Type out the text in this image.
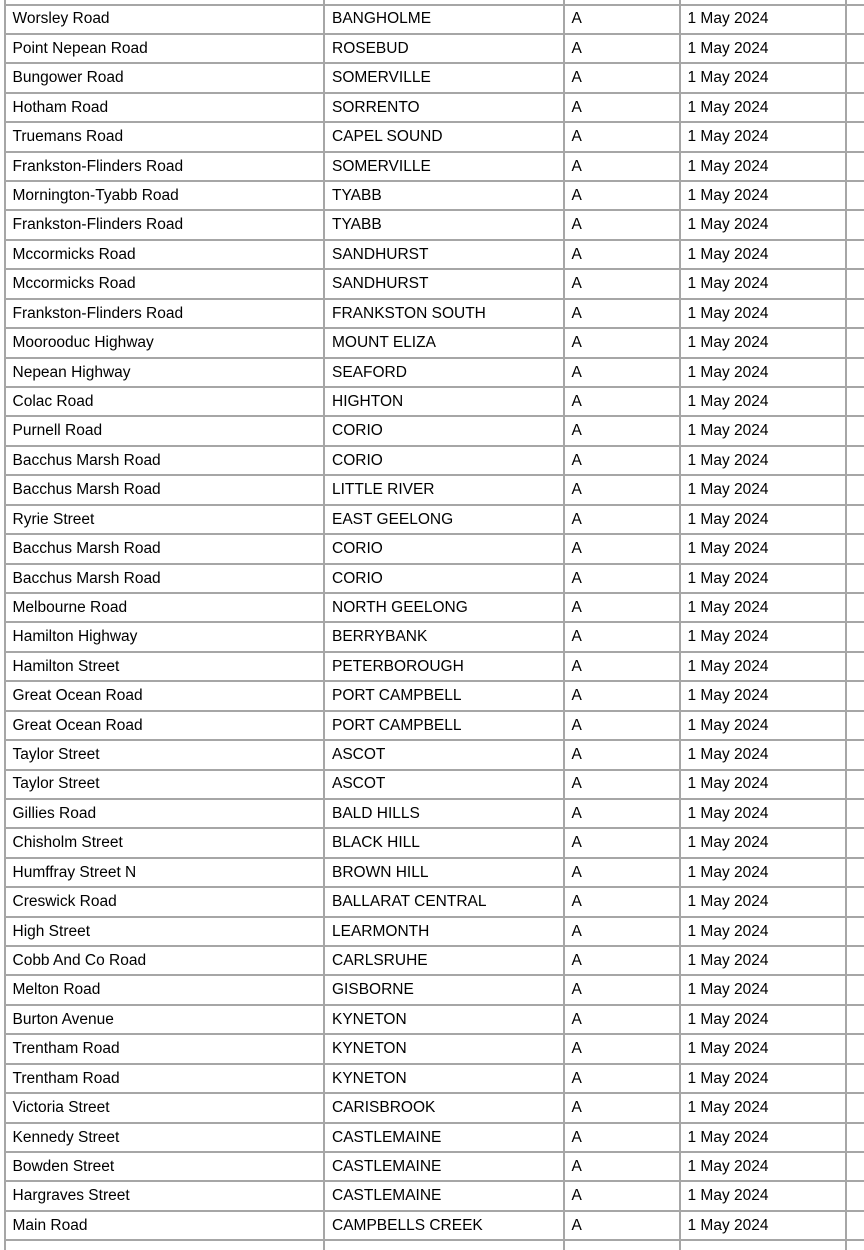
Worsley Road	BANGHOLME	A	1 May 2024
Point Nepean Road	ROSEBUD	A	1 May 2024
Bungower Road	SOMERVILLE	A	1 May 2024
Hotham Road	SORRENTO	A	1 May 2024
Truemans Road	CAPEL SOUND	A	1 May 2024
Frankston-Flinders Road	SOMERVILLE	A	1 May 2024
Mornington-Tyabb Road	TYABB	A	1 May 2024
Frankston-Flinders Road	TYABB	A	1 May 2024
Mccormicks Road	SANDHURST	A	1 May 2024
Mccormicks Road	SANDHURST	A	1 May 2024
Frankston-Flinders Road	FRANKSTON SOUTH	A	1 May 2024
Moorooduc Highway	MOUNT ELIZA	A	1 May 2024
Nepean Highway	SEAFORD	A	1 May 2024
Colac Road	HIGHTON	A	1 May 2024
Purnell Road	CORIO	A	1 May 2024
Bacchus Marsh Road	CORIO	A	1 May 2024
Bacchus Marsh Road	LITTLE RIVER	A	1 May 2024
Ryrie Street	EAST GEELONG	A	1 May 2024
Bacchus Marsh Road	CORIO	A	1 May 2024
Bacchus Marsh Road	CORIO	A	1 May 2024
Melbourne Road	NORTH GEELONG	A	1 May 2024
Hamilton Highway	BERRYBANK	A	1 May 2024
Hamilton Street	PETERBOROUGH	A	1 May 2024
Great Ocean Road	PORT CAMPBELL	A	1 May 2024
Great Ocean Road	PORT CAMPBELL	A	1 May 2024
Taylor Street	ASCOT	A	1 May 2024
Taylor Street	ASCOT	A	1 May 2024
Gillies Road	BALD HILLS	A	1 May 2024
Chisholm Street	BLACK HILL	A	1 May 2024
Humffray Street N	BROWN HILL	A	1 May 2024
Creswick Road	BALLARAT CENTRAL	A	1 May 2024
High Street	LEARMONTH	A	1 May 2024
Cobb And Co Road	CARLSRUHE	A	1 May 2024
Melton Road	GISBORNE	A	1 May 2024
Burton Avenue	KYNETON	A	1 May 2024
Trentham Road	KYNETON	A	1 May 2024
Trentham Road	KYNETON	A	1 May 2024
Victoria Street	CARISBROOK	A	1 May 2024
Kennedy Street	CASTLEMAINE	A	1 May 2024
Bowden Street	CASTLEMAINE	A	1 May 2024
Hargraves Street	CASTLEMAINE	A	1 May 2024
Main Road	CAMPBELLS CREEK	A	1 May 2024
